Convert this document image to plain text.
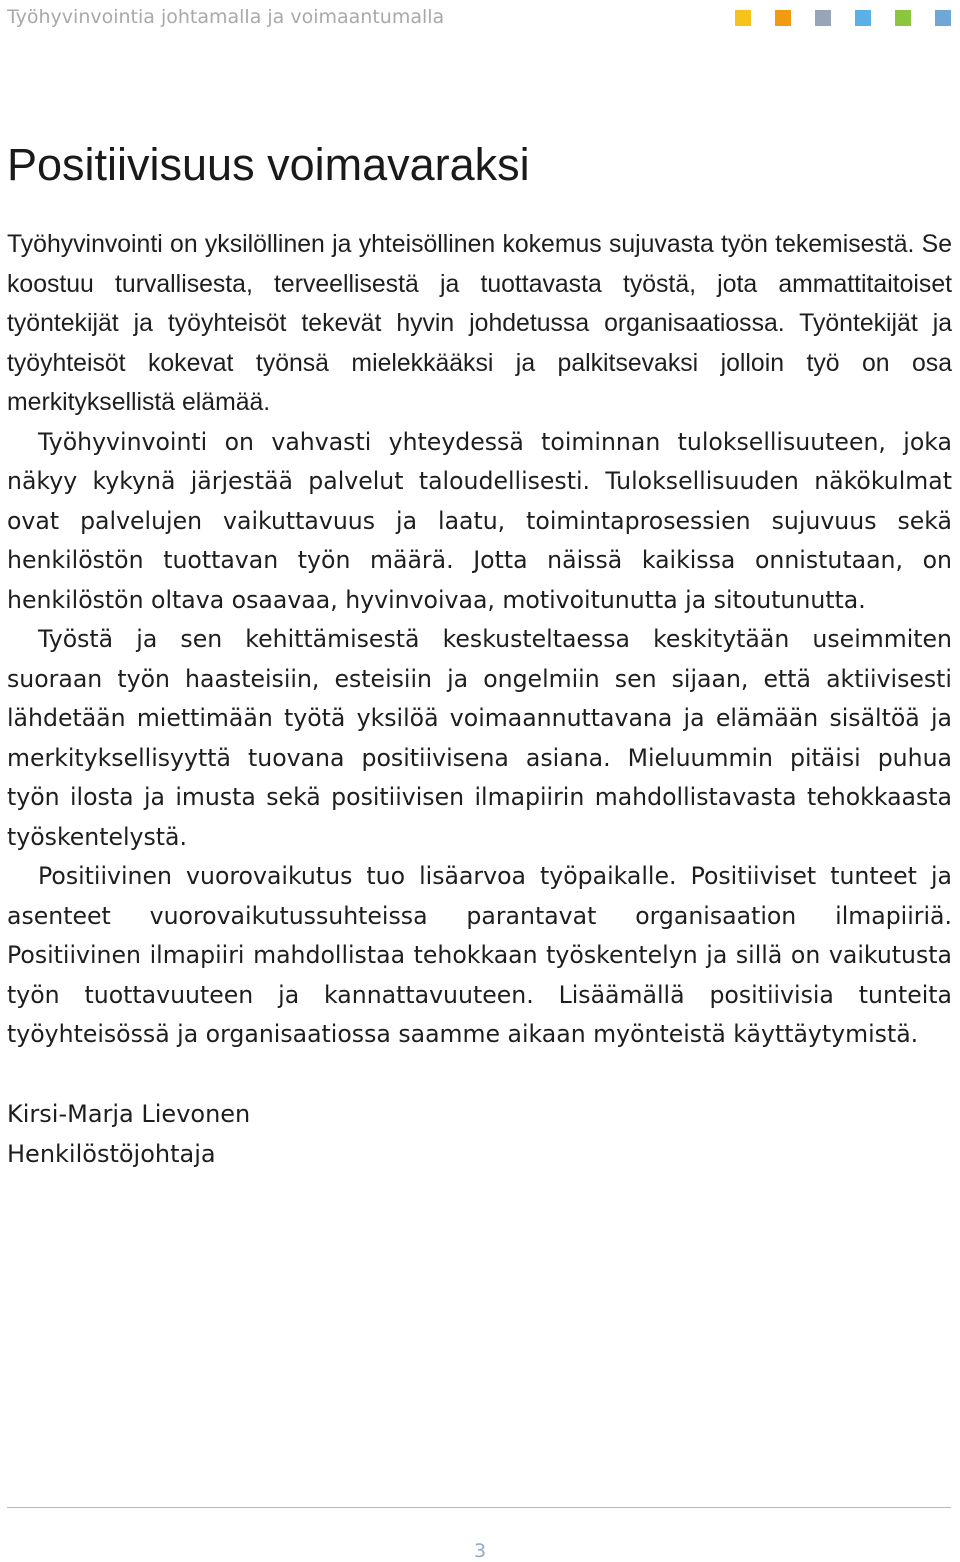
Työhyvinvointia johtamalla ja voimaantumalla
Positiivisuus voimavaraksi

Työhyvinvointi on yksilöllinen ja yhteisöllinen kokemus sujuvasta työn tekemisestä. Se koostuu turvallisesta, terveellisestä ja tuottavasta työstä, jota ammattitaitoiset työntekijät ja työyhteisöt tekevät hyvin johdetussa organisaatiossa. Työntekijät ja työyhteisöt kokevat työnsä mielekkääksi ja palkitsevaksi jolloin työ on osa merkityksellistä elämää.

Työhyvinvointi on vahvasti yhteydessä toiminnan tuloksellisuuteen, joka näkyy kykynä järjestää palvelut taloudellisesti. Tuloksellisuuden näkökulmat ovat palvelujen vaikuttavuus ja laatu, toimintaprosessien sujuvuus sekä henkilöstön tuottavan työn määrä. Jotta näissä kaikissa onnistutaan, on henkilöstön oltava osaavaa, hyvinvoivaa, motivoitunutta ja sitoutunutta.

Työstä ja sen kehittämisestä keskusteltaessa keskitytään useimmiten suoraan työn haasteisiin, esteisiin ja ongelmiin sen sijaan, että aktiivisesti lähdetään miettimään työtä yksilöä voimaannuttavana ja elämään sisältöä ja merkityksellisyyttä tuovana positiivisena asiana. Mieluummin pitäisi puhua työn ilosta ja imusta sekä positiivisen ilmapiirin mahdollistavasta tehokkaasta työskentelystä.

Positiivinen vuorovaikutus tuo lisäarvoa työpaikalle. Positiiviset tunteet ja asenteet vuorovaikutussuhteissa parantavat organisaation ilmapiiriä. Positiivinen ilmapiiri mahdollistaa tehokkaan työskentelyn ja sillä on vaikutusta työn tuottavuuteen ja kannattavuuteen. Lisäämällä positiivisia tunteita työyhteisössä ja organisaatiossa saamme aikaan myönteistä käyttäytymistä.

Kirsi-Marja Lievonen
Henkilöstöjohtaja
3
